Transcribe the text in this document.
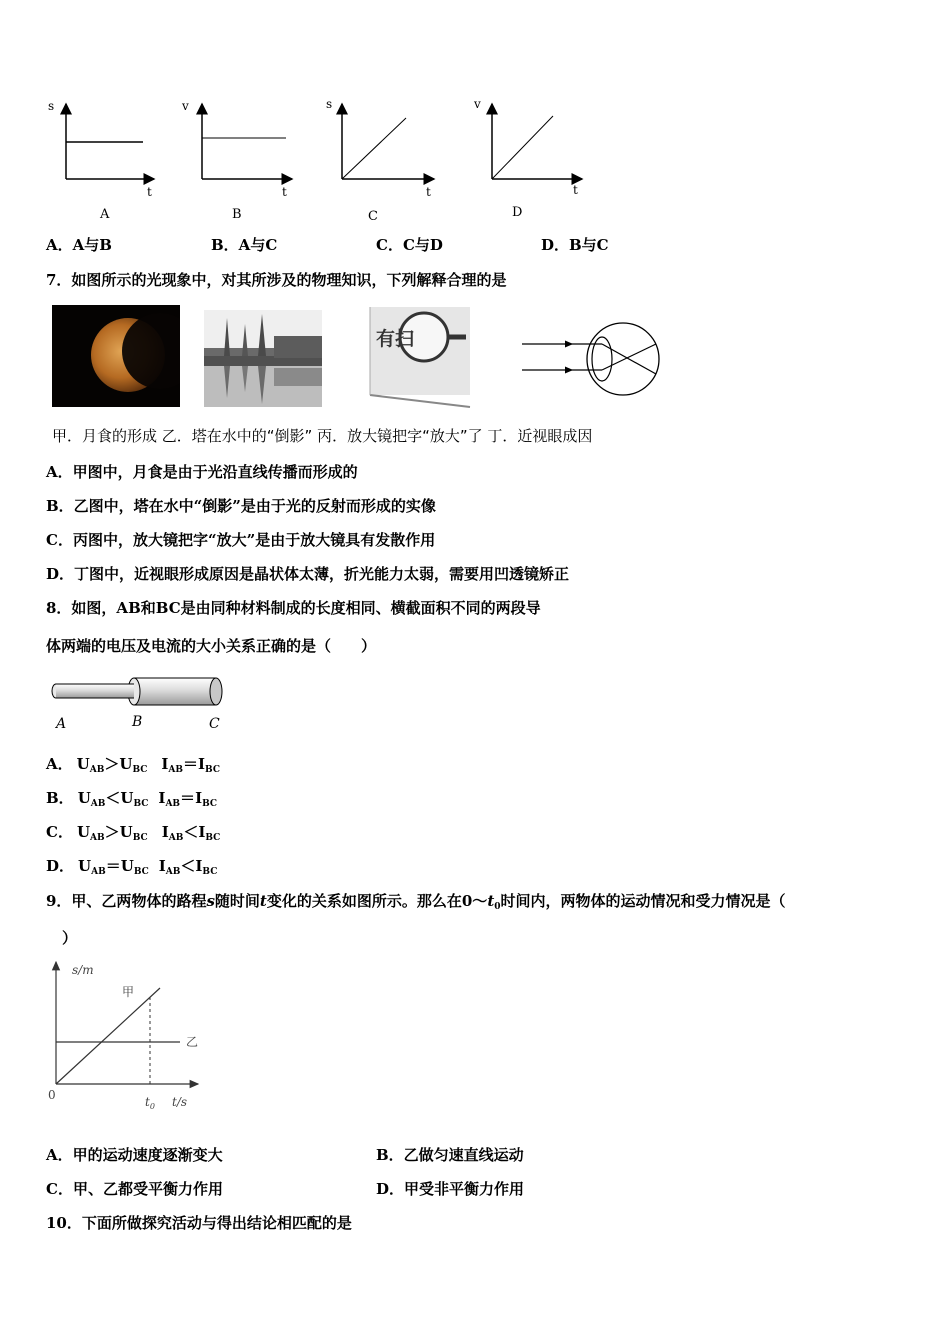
s
t
A
v
t
B
s
t
C
v
t
D
A．A与B	B．A与C	C．C与D	D．B与C
7．如图所示的光现象中，对其所涉及的物理知识，下列解释合理的是
有扫
甲．月食的形成 乙．塔在水中的“倒影” 丙．放大镜把字“放大”了 丁．近视眼成因
A．甲图中，月食是由于光沿直线传播而形成的
B．乙图中，塔在水中“倒影”是由于光的反射而形成的实像
C．丙图中，放大镜把字“放大”是由于放大镜具有发散作用
D．丁图中，近视眼形成原因是晶状体太薄，折光能力太弱，需要用凹透镜矫正
8．如图，AB和BC是由同种材料制成的长度相同、横截面积不同的两段导
体两端的电压及电流的大小关系正确的是（　　）
A	B	C
A． $U_{AB}>U_{BC}$ $I_{AB}=I_{BC}$
B． $U_{AB}<U_{BC}$ $I_{AB}=I_{BC}$
C． $U_{AB}>U_{BC}$ $I_{AB}<I_{BC}$
D． $U_{AB}=U_{BC}$ $I_{AB}<I_{BC}$
9．甲、乙两物体的路程s随时间t变化的关系如图所示。那么在$0\sim t_0$时间内，两物体的运动情况和受力情况是（
）
s/m
甲
乙
0	$t_0$ t/s
A．甲的运动速度逐渐变大	B．乙做匀速直线运动
C．甲、乙都受平衡力作用	D．甲受非平衡力作用
10．下面所做探究活动与得出结论相匹配的是
